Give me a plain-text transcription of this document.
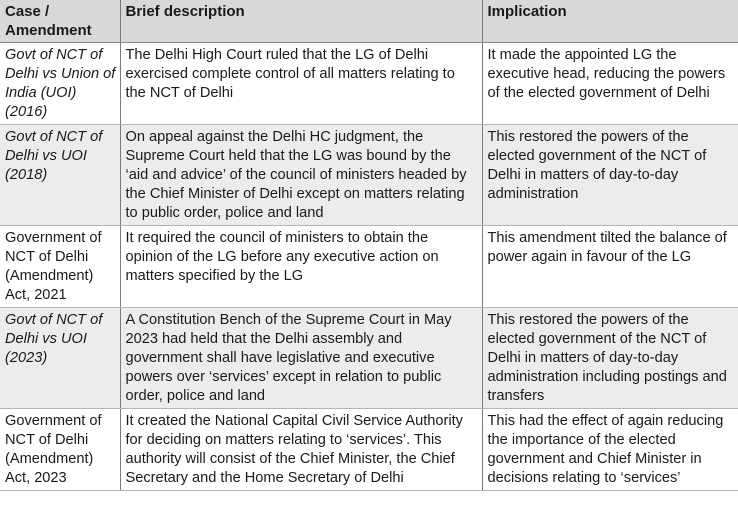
Case / Amendment	Brief description	Implication
Govt of NCT of Delhi vs Union of India (UOI) (2016)	The Delhi High Court ruled that the LG of Delhi exercised complete control of all matters relating to the NCT of Delhi	It made the appointed LG the executive head, reducing the powers of the elected government of Delhi
Govt of NCT of Delhi vs UOI (2018)	On appeal against the Delhi HC judgment, the Supreme Court held that the LG was bound by the ‘aid and advice’ of the council of ministers headed by the Chief Minister of Delhi except on matters relating to public order, police and land	This restored the powers of the elected government of the NCT of Delhi in matters of day-to-day administration
Government of NCT of Delhi (Amendment) Act, 2021	It required the council of ministers to obtain the opinion of the LG before any executive action on matters specified by the LG	This amendment tilted the balance of power again in favour of the LG
Govt of NCT of Delhi vs UOI (2023)	A Constitution Bench of the Supreme Court in May 2023 had held that the Delhi assembly and government shall have legislative and executive powers over ‘services’ except in relation to public order, police and land	This restored the powers of the elected government of the NCT of Delhi in matters of day-to-day administration including postings and transfers
Government of NCT of Delhi (Amendment) Act, 2023	It created the National Capital Civil Service Authority for deciding on matters relating to ‘services’. This authority will consist of the Chief Minister, the Chief Secretary and the Home Secretary of Delhi	This had the effect of again reducing the importance of the elected government and Chief Minister in decisions relating to ‘services’
